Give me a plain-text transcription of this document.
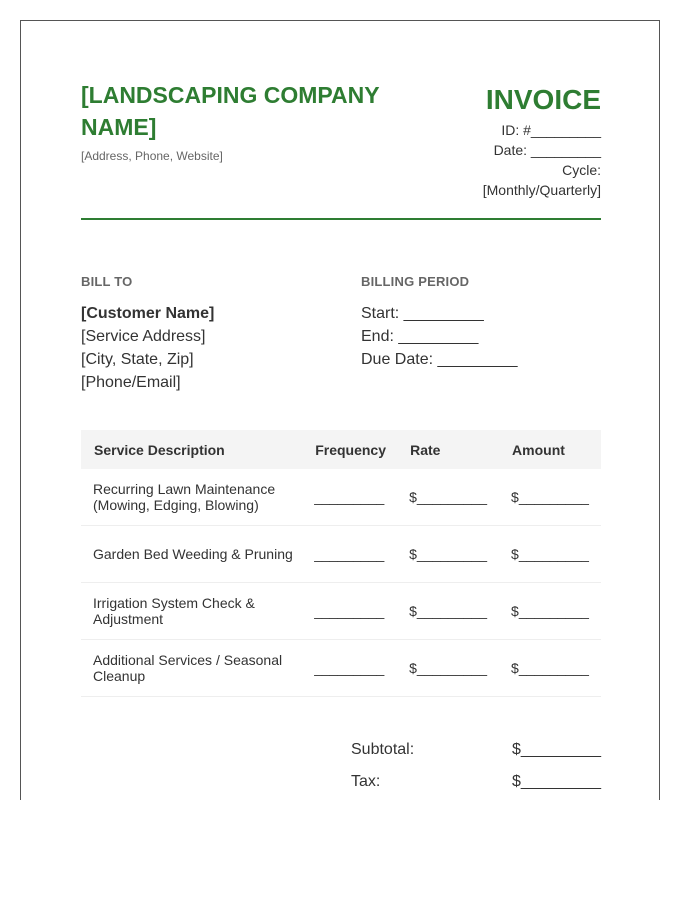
[LANDSCAPING COMPANY NAME]
[Address, Phone, Website]
INVOICE
ID: #_________
Date: _________
Cycle:
[Monthly/Quarterly]
BILL TO
[Customer Name]
[Service Address]
[City, State, Zip]
[Phone/Email]
BILLING PERIOD
Start: _________
End: _________
Due Date: _________
Service Description	Frequency	Rate	Amount
Recurring Lawn Maintenance (Mowing, Edging, Blowing)	_________	$_________	$_________
Garden Bed Weeding & Pruning	_________	$_________	$_________
Irrigation System Check & Adjustment	_________	$_________	$_________
Additional Services / Seasonal Cleanup	_________	$_________	$_________
Subtotal:	$_________
Tax:	$_________
